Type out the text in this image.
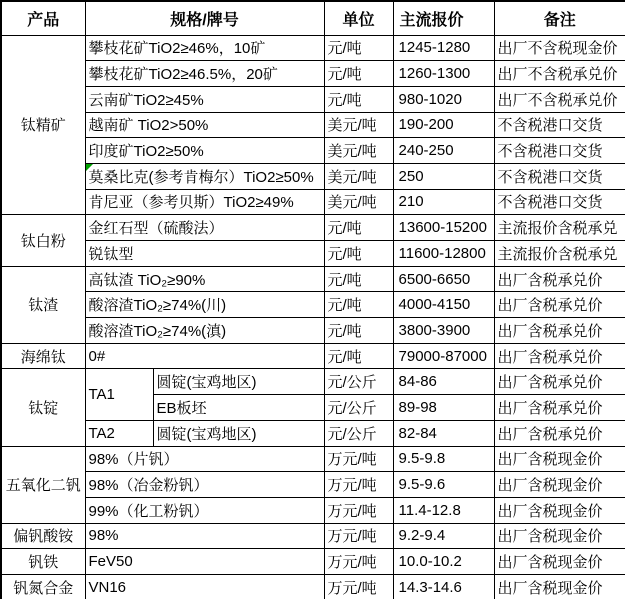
产品	规格/牌号		单位	主流报价	备注
钛精矿	攀枝花矿TiO2≥46%，10矿		元/吨	1245-1280	出厂不含税现金价
	攀枝花矿TiO2≥46.5%，20矿		元/吨	1260-1300	出厂不含税承兑价
	云南矿TiO2≥45%		元/吨	980-1020	出厂不含税承兑价
	越南矿 TiO2>50%		美元/吨	190-200	不含税港口交货
	印度矿TiO2≥50%		美元/吨	240-250	不含税港口交货
	莫桑比克(参考肯梅尔）TiO2≥50%		美元/吨	250	不含税港口交货
	肯尼亚（参考贝斯）TiO2≥49%		美元/吨	210	不含税港口交货
钛白粉	金红石型（硫酸法）		元/吨	13600-15200	主流报价含税承兑
	锐钛型		元/吨	11600-12800	主流报价含税承兑
钛渣	高钛渣 TiO₂≥90%		元/吨	6500-6650	出厂含税承兑价
	酸溶渣TiO₂≥74%(川)		元/吨	4000-4150	出厂含税承兑价
	酸溶渣TiO₂≥74%(滇)		元/吨	3800-3900	出厂含税承兑价
海绵钛	0#		元/吨	79000-87000	出厂含税承兑价
钛锭	TA1	圆锭(宝鸡地区)	元/公斤	84-86	出厂含税承兑价
		EB板坯	元/公斤	89-98	出厂含税承兑价
	TA2	圆锭(宝鸡地区)	元/公斤	82-84	出厂含税承兑价
五氧化二钒	98%（片钒）		万元/吨	9.5-9.8	出厂含税现金价
	98%（冶金粉钒）		万元/吨	9.5-9.6	出厂含税现金价
	99%（化工粉钒）		万元/吨	11.4-12.8	出厂含税现金价
偏钒酸铵	98%		万元/吨	9.2-9.4	出厂含税现金价
钒铁	FeV50		万元/吨	10.0-10.2	出厂含税现金价
钒氮合金	VN16		万元/吨	14.3-14.6	出厂含税现金价
